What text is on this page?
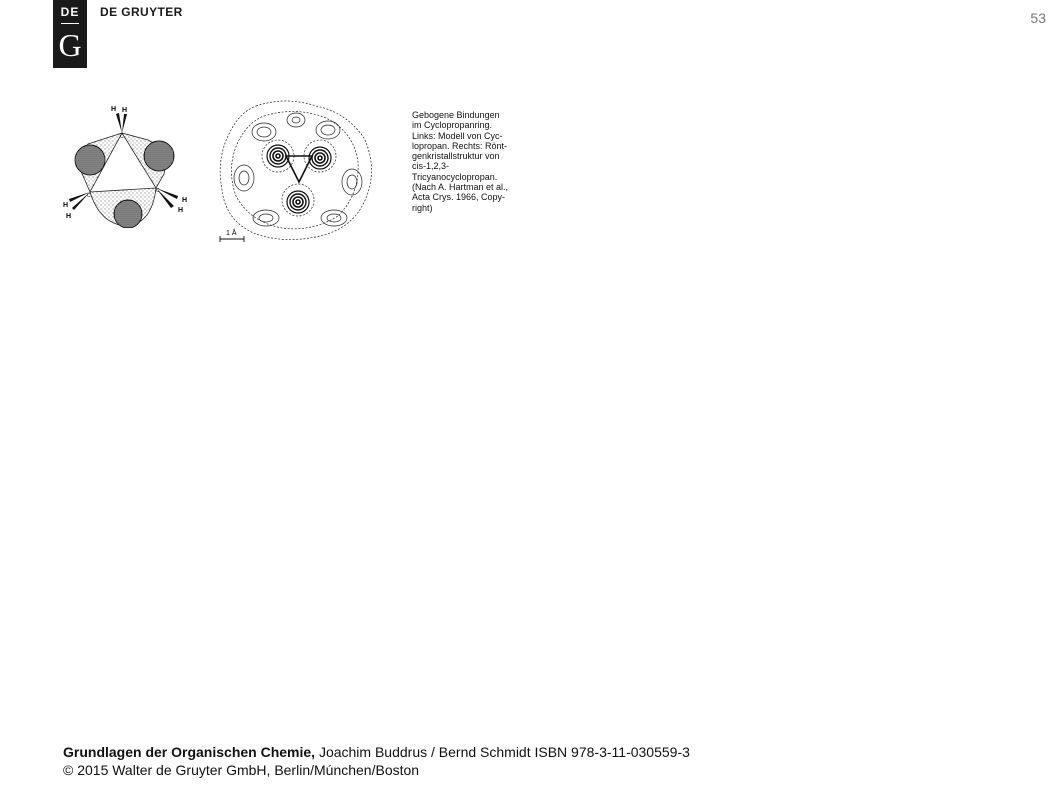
DE
G
DE GRUYTER	53
H H
C
C
C
H
H
H
H
1 Å

Gebogene Bindungen

im Cyclopropanring.

Links: Modell von Cyc-

lopropan. Rechts: Rönt-

genkristallstruktur von

cis-1,2,3-

Tricyanocyclopropan.

(Nach A. Hartman et al.,

Acta Crys. 1966, Copy-

right)

Grundlagen der Organischen Chemie, Joachim Buddrus / Bernd Schmidt ISBN 978-3-11-030559-3

© 2015 Walter de Gruyter GmbH, Berlin/Múnchen/Boston
